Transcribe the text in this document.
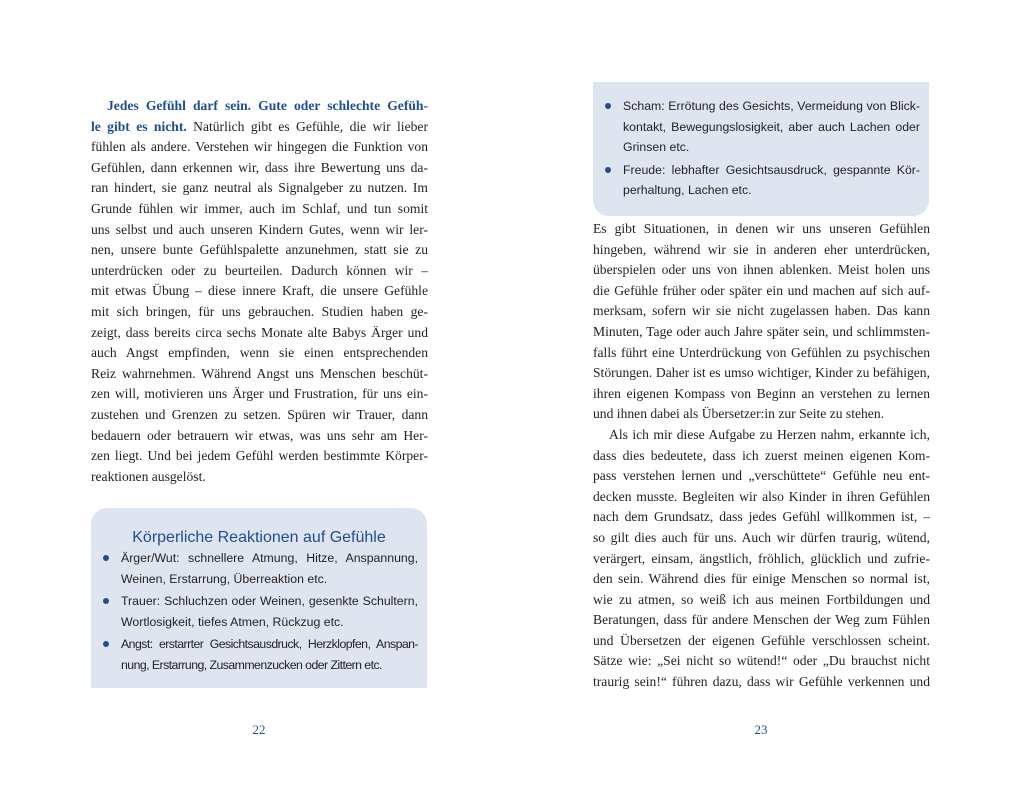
Jedes Gefühl darf sein. Gute oder schlechte Gefüh-
le gibt es nicht. Natürlich gibt es Gefühle, die wir lieber
fühlen als andere. Verstehen wir hingegen die Funktion von
Gefühlen, dann erkennen wir, dass ihre Bewertung uns da-
ran hindert, sie ganz neutral als Signalgeber zu nutzen. Im
Grunde fühlen wir immer, auch im Schlaf, und tun somit
uns selbst und auch unseren Kindern Gutes, wenn wir ler-
nen, unsere bunte Gefühlspalette anzunehmen, statt sie zu
unterdrücken oder zu beurteilen. Dadurch können wir –
mit etwas Übung – diese innere Kraft, die unsere Gefühle
mit sich bringen, für uns gebrauchen. Studien haben ge-
zeigt, dass bereits circa sechs Monate alte Babys Ärger und
auch Angst empfinden, wenn sie einen entsprechenden
Reiz wahrnehmen. Während Angst uns Menschen beschüt-
zen will, motivieren uns Ärger und Frustration, für uns ein-
zustehen und Grenzen zu setzen. Spüren wir Trauer, dann
bedauern oder betrauern wir etwas, was uns sehr am Her-
zen liegt. Und bei jedem Gefühl werden bestimmte Körper-
reaktionen ausgelöst.
Körperliche Reaktionen auf Gefühle
Ärger/Wut: schnellere Atmung, Hitze, Anspannung,
Weinen, Erstarrung, Überreaktion etc.
Trauer: Schluchzen oder Weinen, gesenkte Schultern,
Wortlosigkeit, tiefes Atmen, Rückzug etc.
Angst: erstarrter Gesichtsausdruck, Herzklopfen, Anspan-
nung, Erstarrung, Zusammenzucken oder Zittern etc.
22
Scham: Errötung des Gesichts, Vermeidung von Blick-
kontakt, Bewegungslosigkeit, aber auch Lachen oder
Grinsen etc.
Freude: lebhafter Gesichtsausdruck, gespannte Kör-
perhaltung, Lachen etc.
Es gibt Situationen, in denen wir uns unseren Gefühlen
hingeben, während wir sie in anderen eher unterdrücken,
überspielen oder uns von ihnen ablenken. Meist holen uns
die Gefühle früher oder später ein und machen auf sich auf-
merksam, sofern wir sie nicht zugelassen haben. Das kann
Minuten, Tage oder auch Jahre später sein, und schlimmsten-
falls führt eine Unterdrückung von Gefühlen zu psychischen
Störungen. Daher ist es umso wichtiger, Kinder zu befähigen,
ihren eigenen Kompass von Beginn an verstehen zu lernen
und ihnen dabei als Übersetzer:in zur Seite zu stehen.
Als ich mir diese Aufgabe zu Herzen nahm, erkannte ich,
dass dies bedeutete, dass ich zuerst meinen eigenen Kom-
pass verstehen lernen und „verschüttete“ Gefühle neu ent-
decken musste. Begleiten wir also Kinder in ihren Gefühlen
nach dem Grundsatz, dass jedes Gefühl willkommen ist, –
so gilt dies auch für uns. Auch wir dürfen traurig, wütend,
verärgert, einsam, ängstlich, fröhlich, glücklich und zufrie-
den sein. Während dies für einige Menschen so normal ist,
wie zu atmen, so weiß ich aus meinen Fortbildungen und
Beratungen, dass für andere Menschen der Weg zum Fühlen
und Übersetzen der eigenen Gefühle verschlossen scheint.
Sätze wie: „Sei nicht so wütend!“ oder „Du brauchst nicht
traurig sein!“ führen dazu, dass wir Gefühle verkennen und
23
